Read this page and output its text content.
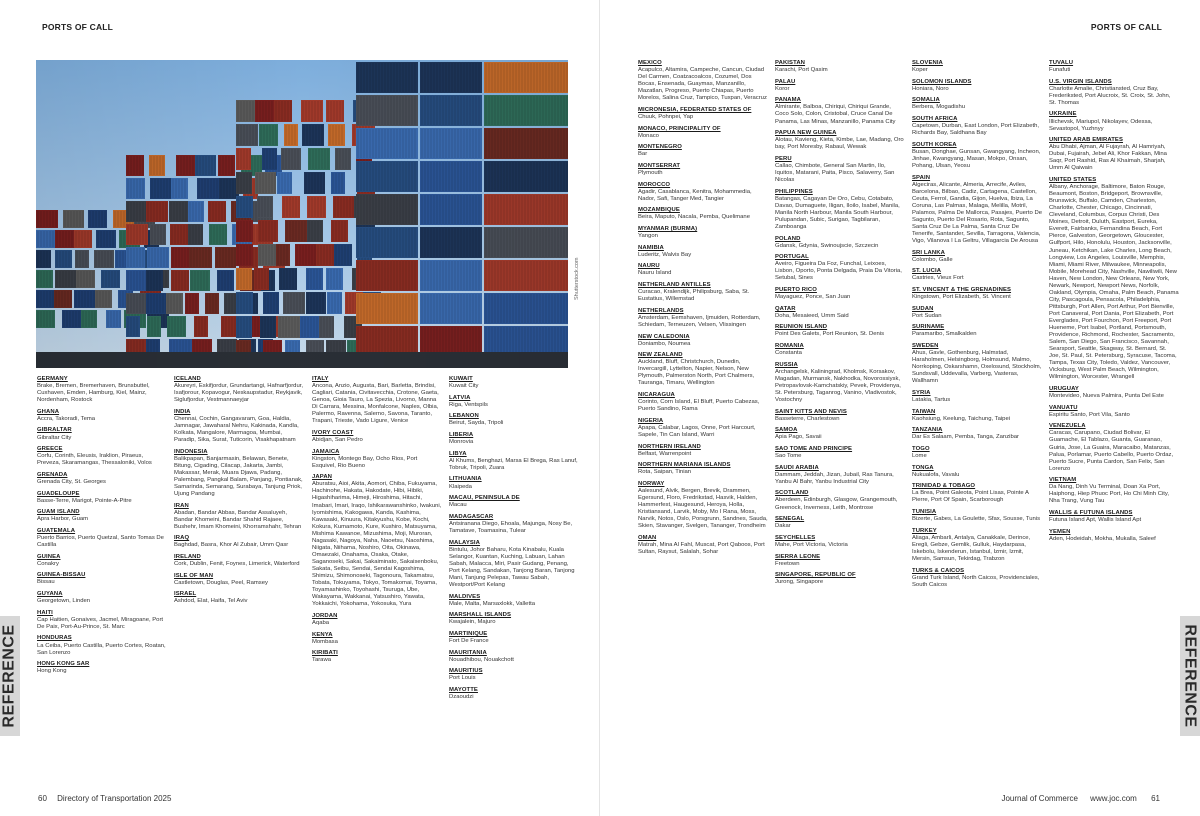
PORTS OF CALL
Shutterstock.com
GERMANY
Brake, Bremen, Bremerhaven, Brunsbuttel, Cuxhaven, Emden, Hamburg, Kiel, Mainz, Nordenham, Rostock
GHANA
Accra, Takoradi, Tema
GIBRALTAR
Gibraltar City
GREECE
Corfu, Corinth, Eleusis, Iraklion, Piraeus, Preveza, Skaramangas, Thessaloniki, Volos
GRENADA
Grenada City, St. Georges
GUADELOUPE
Basse-Terre, Marigot, Pointe-A-Pitre
GUAM ISLAND
Apra Harbor, Guam
GUATEMALA
Puerto Barrios, Puerto Quetzal, Santo Tomas De Castilla
GUINEA
Conakry
GUINEA-BISSAU
Bissau
GUYANA
Georgetown, Linden
HAITI
Cap Haitien, Gonaives, Jacmel, Miragoane, Port De Paix, Port-Au-Prince, St. Marc
HONDURAS
La Ceiba, Puerto Castilla, Puerto Cortes, Roatan, San Lorenzo
HONG KONG SAR
Hong Kong
ICELAND
Akureyri, Eskifjordur, Grundartangi, Hafnarfjordur, Isafjorour, Kopavogur, Neskaupstadur, Reykjavik, Siglufjordur, Vestmannaeyjar
INDIA
Chennai, Cochin, Gangavaram, Goa, Haldia, Jamnagar, Jawaharal Nehru, Kakinada, Kandla, Kolkata, Mangalore, Marmagoa, Mumbai, Paradip, Sika, Surat, Tuticorin, Visakhapatnam
INDONESIA
Balikpapan, Banjarmasin, Belawan, Benete, Bitung, Cigading, Cilacap, Jakarta, Jambi, Makassar, Merak, Muara Djawa, Padang, Palembang, Pangkal Balam, Panjang, Pontianak, Samarinda, Semarang, Surabaya, Tanjung Priok, Ujung Pandang
IRAN
Abadan, Bandar Abbas, Bandar Assaluyeh, Bandar Khomeini, Bandar Shahid Rajaee, Bushehr, Imam Khomeini, Khorramshahr, Tehran
IRAQ
Baghdad, Basra, Khor Al Zubair, Umm Qasr
IRELAND
Cork, Dublin, Fenit, Foynes, Limerick, Waterford
ISLE OF MAN
Castletown, Douglas, Peel, Ramsey
ISRAEL
Ashdod, Elat, Haifa, Tel Aviv
ITALY
Ancona, Anzio, Augusta, Bari, Barletta, Brindisi, Cagliari, Catania, Civitavecchia, Crotone, Gaeta, Genoa, Gioia Tauro, La Spezia, Livorno, Manna Di Carrara, Messina, Monfalcone, Naples, Olbia, Palermo, Ravenna, Salerno, Savona, Taranto, Trapani, Trieste, Vado Ligure, Venice
IVORY COAST
Abidjan, San Pedro
JAMAICA
Kingston, Montego Bay, Ocho Rios, Port Esquivel, Rio Bueno
JAPAN
Aburatsu, Aioi, Akita, Aomori, Chiba, Fukuyama, Hachinohe, Hakata, Hakodate, Hibi, Hibiki, Higashiharima, Himeji, Hiroshima, Hitachi, Imabari, Imari, Iraqo, Ishikarawanshinko, Iwakuni, Iyomishima, Kakogawa, Kanda, Kashima, Kawasaki, Kinuura, Kitakyushu, Kobe, Kochi, Kokura, Kumamoto, Kure, Kushiro, Matsuyama, Mishima Kawanoe, Mizushima, Moji, Muroran, Nagasaki, Nagoya, Naha, Naoetsu, Naoshima, Niigata, Niihama, Noshiro, Oita, Okinawa, Omaezaki, Onahama, Osaka, Otake, Saganoseki, Sakai, Sakaiminato, Sakaisenboku, Sakata, Seibu, Sendai, Sendai Kagoshima, Shimizu, Shimonoseki, Tagonoura, Takamatsu, Tobata, Tokuyama, Tokyo, Tomakomai, Toyama, Toyamashinko, Toyohashi, Tsuruga, Ube, Wakayama, Wakkanai, Yatsushiro, Yawata, Yokkaichi, Yokohama, Yokosuka, Yura
JORDAN
Aqaba
KENYA
Mombasa
KIRIBATI
Tarawa
KUWAIT
Kuwait City
LATVIA
Riga, Ventspils
LEBANON
Beirut, Sayda, Tripoli
LIBERIA
Monrovia
LIBYA
Al Khums, Benghazi, Marsa El Brega, Ras Lanuf, Tobruk, Tripoli, Zuara
LITHUANIA
Klaipeda
MACAU, PENINSULA DE
Macau
MADAGASCAR
Antsiranana Diego, Ehoala, Majunga, Nosy Be, Tamatave, Toamasina, Tulear
MALAYSIA
Bintulu, Johor Baharu, Kota Kinabalu, Kuala Selangor, Kuantan, Kuching, Labuan, Lahan Sabah, Malacca, Miri, Pasir Gudang, Penang, Port Kelang, Sandakan, Tanjong Baran, Tanjong Mani, Tanjung Pelepas, Tawau Sabah, Westport/Port Kelang
MALDIVES
Male, Malta, Marsaxlokk, Valletta
MARSHALL ISLANDS
Kwajalein, Majuro
MARTINIQUE
Fort De France
MAURITANIA
Nouadhibou, Nouakchott
MAURITIUS
Port Louis
MAYOTTE
Dzaoudzi
REFERENCE
60 Directory of Transportation 2025
PORTS OF CALL
MEXICO
Acapulco, Altamira, Campeche, Cancun, Ciudad Del Carmen, Coatzacoalcos, Cozumel, Dos Bocas, Ensenada, Guaymas, Manzanillo, Mazatlan, Progreso, Puerto Chiapas, Puerto Morelos, Salina Cruz, Tampico, Tuxpan, Veracruz
MICRONESIA, FEDERATED STATES OF
Chuuk, Pohnpei, Yap
MONACO, PRINCIPALITY OF
Monaco
MONTENEGRO
Bar
MONTSERRAT
Plymouth
MOROCCO
Agadir, Casablanca, Kenitra, Mohammedia, Nador, Safi, Tanger Med, Tangier
MOZAMBIQUE
Beira, Maputo, Nacala, Pemba, Quelimane
MYANMAR (BURMA)
Yangon
NAMIBIA
Luderitz, Walvis Bay
NAURU
Nauru Island
NETHERLAND ANTILLES
Curacao, Kralendijk, Philipsburg, Saba, St. Eustatius, Willemstad
NETHERLANDS
Amsterdam, Eemshaven, Ijmuiden, Rotterdam, Schiedam, Terneuzen, Velsen, Vlissingen
NEW CALEDONIA
Doniambo, Noumea
NEW ZEALAND
Auckland, Bluff, Christchurch, Dunedin, Invercargill, Lyttelton, Napier, Nelson, New Plymouth, Palmerston North, Port Chalmers, Tauranga, Timaru, Wellington
NICARAGUA
Corinto, Corn Island, El Bluff, Puerto Cabezas, Puerto Sandino, Rama
NIGERIA
Apapa, Calabar, Lagos, Onne, Port Harcourt, Sapele, Tin Can Island, Warri
NORTHERN IRELAND
Belfast, Warrenpoint
NORTHERN MARIANA ISLANDS
Rota, Saipan, Tinian
NORWAY
Aalesund, Alvik, Bergen, Brevik, Drammen, Egersund, Floro, Fredrikstad, Hasvik, Halden, Hammerfest, Haugesund, Heroya, Holla, Kristiansand, Larvik, Moby, Mo I Rana, Moss, Narvik, Notos, Oslo, Porsgrunn, Sandnes, Sauda, Skien, Stavanger, Svelgen, Tananger, Trondheim
OMAN
Matrah, Mina Al Fahl, Muscat, Port Qaboos, Port Sultan, Raysut, Salalah, Sohar
PAKISTAN
Karachi, Port Qasim
PALAU
Koror
PANAMA
Almirante, Balboa, Chiriqui, Chiriqui Grande, Coco Solo, Colon, Cristobal, Cruce Canal De Panama, Las Minas, Manzanillo, Panama City
PAPUA NEW GUINEA
Alotau, Kavieng, Kieta, Kimbe, Lae, Madang, Oro bay, Port Moresby, Rabaul, Wewak
PERU
Callao, Chimbote, General San Martin, Ilo, Iquitos, Matarani, Paita, Pisco, Salaverry, San Nicolas
PHILIPPINES
Batangas, Cagayan De Oro, Cebu, Cotabato, Davao, Dumaguete, Iligan, Iloilo, Isabel, Manila, Manila North Harbour, Manila South Harbour, Pulupandan, Subic, Surigao, Tagbilaran, Zamboanga
POLAND
Gdansk, Gdynia, Swinoujscie, Szczecin
PORTUGAL
Aveiro, Figueira Da Foz, Funchal, Leixoes, Lisbon, Oporto, Ponta Delgada, Praia Da Vitoria, Setubal, Sines
PUERTO RICO
Mayaguez, Ponce, San Juan
QATAR
Doha, Mesaieed, Umm Said
REUNION ISLAND
Point Des Galets, Port Reunion, St. Denis
ROMANIA
Constanta
RUSSIA
Archangelsk, Kaliningrad, Kholmsk, Korsakov, Magadan, Murmansk, Nakhodka, Novorossiysk, Petropavlovsk-Kamchatskiy, Pevek, Providenya, St. Petersburg, Taganrog, Vanino, Vladivostok, Vostochny
SAINT KITTS AND NEVIS
Basseterre, Charlestown
SAMOA
Apia Pago, Savaii
SAO TOME AND PRINCIPE
Sao Tome
SAUDI ARABIA
Dammam, Jeddah, Jizan, Jubail, Ras Tanura, Yanbu Al Bahr, Yanbu Industrial City
SCOTLAND
Aberdeen, Edinburgh, Glasgow, Grangemouth, Greenock, Inverness, Leith, Montrose
SENEGAL
Dakar
SEYCHELLES
Mahe, Port Victoria, Victoria
SIERRA LEONE
Freetown
SINGAPORE, REPUBLIC OF
Jurong, Singapore
SLOVENIA
Koper
SOLOMON ISLANDS
Honiara, Noro
SOMALIA
Berbera, Mogadishu
SOUTH AFRICA
Capetown, Durban, East London, Port Elizabeth, Richards Bay, Saldhana Bay
SOUTH KOREA
Busan, Donghae, Gunsan, Gwangyang, Incheon, Jinhae, Kwangyang, Masan, Mokpo, Onsan, Pohang, Ulsan, Yeosu
SPAIN
Algeciras, Alicante, Almeria, Arrecife, Aviles, Barcelona, Bilbao, Cadiz, Cartagena, Castellon, Ceuta, Ferrol, Gandia, Gijon, Huelva, Ibiza, La Coruna, Las Palmas, Malaga, Melilla, Motril, Palamos, Palma De Mallorca, Pasajes, Puerto De Sagunto, Puerto Del Rosario, Rota, Sagunto, Santa Cruz De La Palma, Santa Cruz De Tenerife, Santander, Sevilla, Tarragona, Valencia, Vigo, Vilanova I La Geltru, Villagarcia De Arousa
SRI LANKA
Colombo, Galle
ST. LUCIA
Castries, Vieux Fort
ST. VINCENT & THE GRENADINES
Kingstown, Port Elizabeth, St. Vincent
SUDAN
Port Sudan
SURINAME
Paramaribo, Smalkalden
SWEDEN
Ahus, Gavle, Gothenburg, Halmstad, Haraholmen, Helsingborg, Holmsund, Malmo, Norrkoping, Oskarshamn, Oxelosund, Stockholm, Sundsvall, Uddevalla, Varberg, Vasteras, Wallhamn
SYRIA
Latakia, Tartus
TAIWAN
Kaohsiung, Keelung, Taichung, Taipei
TANZANIA
Dar Es Salaam, Pemba, Tanga, Zanzibar
TOGO
Lome
TONGA
Nukualofa, Vavalu
TRINIDAD & TOBAGO
La Brea, Point Galeota, Point Lisas, Pointe A Pierre, Port Of Spain, Scarborough
TUNISIA
Bizerte, Gabes, La Goulette, Sfax, Sousse, Tunis
TURKEY
Aliaga, Ambarli, Antalya, Canakkale, Derince, Eregli, Gebze, Gemlik, Gulluk, Haydarpasa, Iskebolu, Iskenderun, Istanbul, Izmir, Izmit, Mersin, Samsun, Tekirdag, Trabzon
TURKS & CAICOS
Grand Turk Island, North Caicos, Providenciales, South Caicos
TUVALU
Funafuti
U.S. VIRGIN ISLANDS
Charlotte Amalie, Christiansted, Cruz Bay, Frederiksted, Port Alucroix, St. Croix, St. John, St. Thomas
UKRAINE
Illichevsk, Mariupol, Nikolayev, Odessa, Sevastopol, Yuzhnyy
UNITED ARAB EMIRATES
Abu Dhabi, Ajman, Al Fujayrah, Al Hamriyah, Dubai, Fujairah, Jebel Ali, Khor Fakkan, Mina Saqr, Port Rashid, Ras Al Khaimah, Sharjah, Umm Al Qaiwain
UNITED STATES
Albany, Anchorage, Baltimore, Baton Rouge, Beaumont, Boston, Bridgeport, Brownsville, Brunswick, Buffalo, Camden, Charleston, Charlotte, Chester, Chicago, Cincinnati, Cleveland, Columbus, Corpus Christi, Des Moines, Detroit, Duluth, Eastport, Eureka, Everett, Fairbanks, Fernandina Beach, Fort Pierce, Galveston, Georgetown, Gloucester, Gulfport, Hilo, Honolulu, Houston, Jacksonville, Juneau, Ketchikan, Lake Charles, Long Beach, Longview, Los Angeles, Louisville, Memphis, Miami, Miami River, Milwaukee, Minneapolis, Mobile, Morehead City, Nashville, Nawiliwili, New Haven, New London, New Orleans, New York, Newark, Newport, Newport News, Norfolk, Oakland, Olympia, Omaha, Palm Beach, Panama City, Pascagoula, Pensacola, Philadelphia, Pittsburgh, Port Allen, Port Arthur, Port Bienville, Port Canaveral, Port Dania, Port Elizabeth, Port Everglades, Port Fourchon, Port Freeport, Port Hueneme, Port Isabel, Portland, Portsmouth, Providence, Richmond, Rochester, Sacramento, Salem, San Diego, San Francisco, Savannah, Searsport, Seattle, Skagway, St. Bernard, St. Joe, St. Paul, St. Petersburg, Syracuse, Tacoma, Tampa, Texas City, Toledo, Valdez, Vancouver, Vicksburg, West Palm Beach, Wilmington, Wilmington, Worcester, Wrangell
URUGUAY
Montevideo, Nueva Palmira, Punta Del Este
VANUATU
Espiritu Santo, Port Vila, Santo
VENEZUELA
Caracas, Carupano, Ciudad Bolivar, El Guamache, El Tablazo, Guanta, Guaranao, Guiria, Jose, La Guaira, Maracaibo, Matanzas, Palua, Porlamar, Puerto Cabello, Puerto Ordaz, Puerto Sucre, Punta Cardon, San Felix, San Lorenzo
VIETNAM
Da Nang, Dinh Vu Terminal, Doan Xa Port, Haiphong, Hiep Phuoc Port, Ho Chi Minh City, Nha Trang, Vung Tau
WALLIS & FUTUNA ISLANDS
Futuna Island Apt, Wallis Island Apt
YEMEN
Aden, Hodeidah, Mokha, Mukalla, Saleef
REFERENCE
Journal of Commerce www.joc.com 61
